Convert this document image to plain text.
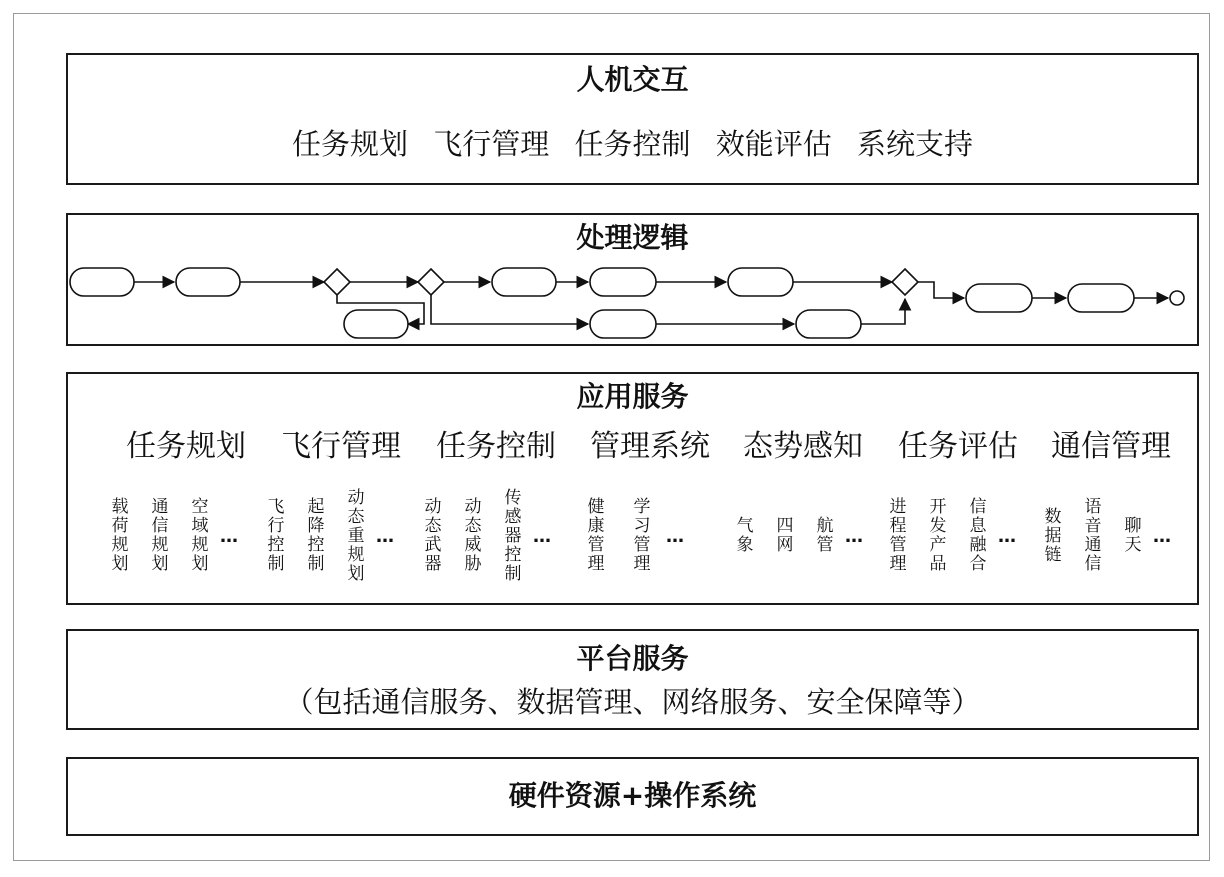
人机交互
任务规划 飞行管理 任务控制 效能评估 系统支持
处理逻辑
应用服务
任务规划
载
荷
规
划
通
信
规
划
空
域
规
划
…
飞行管理
飞
行
控
制
起
降
控
制
动
态
重
规
划
…
任务控制
动
态
武
器
动
态
威
胁
传
感
器
控
制
…
管理系统
健
康
管
理
学
习
管
理
…
态势感知
气
象
四
网
航
管 …
任务评估
进
程
管
理
开
发
产
品
信
息
融
合
…
通信管理
数
据
链
语
音
通
信
聊
天 …
平台服务
（包括通信服务、数据管理、网络服务、安全保障等）
硬件资源+操作系统
